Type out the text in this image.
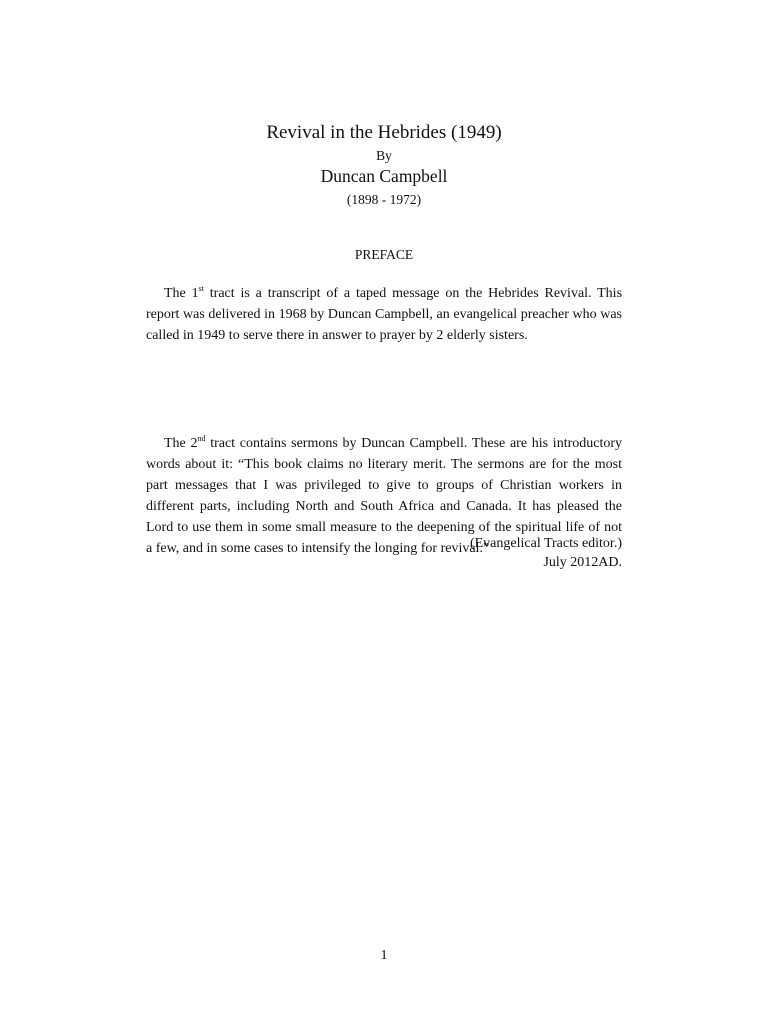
Revival in the Hebrides (1949)
By
Duncan Campbell
(1898 - 1972)
PREFACE

The 1st tract is a transcript of a taped message on the Hebrides Revival. This report was delivered in 1968 by Duncan Campbell, an evangelical preacher who was called in 1949 to serve there in answer to prayer by 2 elderly sisters.

The 2nd tract contains sermons by Duncan Campbell. These are his introductory words about it: “This book claims no literary merit. The sermons are for the most part messages that I was privileged to give to groups of Christian workers in different parts, including North and South Africa and Canada. It has pleased the Lord to use them in some small measure to the deepening of the spiritual life of not a few, and in some cases to intensify the longing for revival.”

(Evangelical Tracts editor.)
July 2012AD.
1
